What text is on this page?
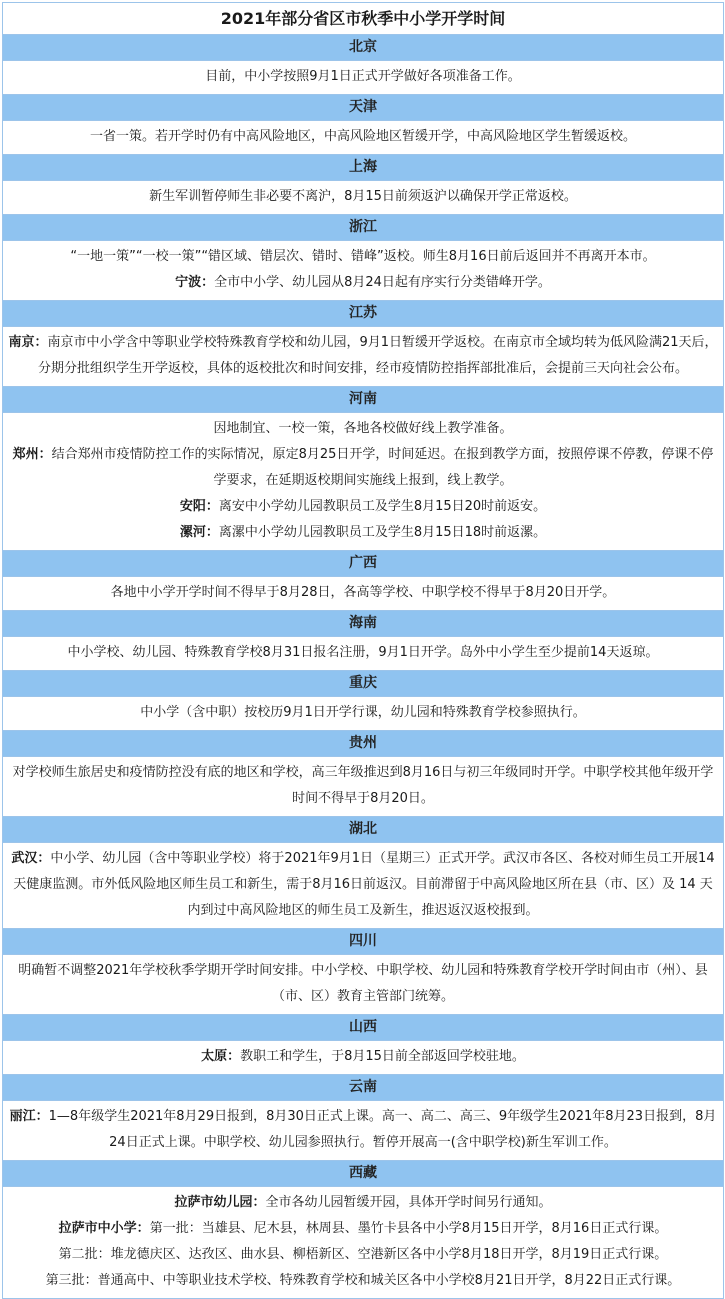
2021年部分省区市秋季中小学开学时间
北京

目前，中小学按照9月1日正式开学做好各项准备工作。

天津

一省一策。若开学时仍有中高风险地区，中高风险地区暂缓开学，中高风险地区学生暂缓返校。

上海

新生军训暂停师生非必要不离沪，8月15日前须返沪以确保开学正常返校。

浙江

“一地一策”“一校一策”“错区域、错层次、错时、错峰”返校。师生8月16日前后返回并不再离开本市。

宁波：全市中小学、幼儿园从8月24日起有序实行分类错峰开学。

江苏

南京：南京市中小学含中等职业学校特殊教育学校和幼儿园，9月1日暂缓开学返校。在南京市全域均转为低风险满21天后，分期分批组织学生开学返校，具体的返校批次和时间安排，经市疫情防控指挥部批准后，会提前三天向社会公布。

河南

因地制宜、一校一策，各地各校做好线上教学准备。

郑州：结合郑州市疫情防控工作的实际情况，原定8月25日开学，时间延迟。在报到教学方面，按照停课不停教，停课不停学要求，在延期返校期间实施线上报到，线上教学。

安阳：离安中小学幼儿园教职员工及学生8月15日20时前返安。

漯河：离漯中小学幼儿园教职员工及学生8月15日18时前返漯。

广西

各地中小学开学时间不得早于8月28日，各高等学校、中职学校不得早于8月20日开学。

海南

中小学校、幼儿园、特殊教育学校8月31日报名注册，9月1日开学。岛外中小学生至少提前14天返琼。

重庆

中小学（含中职）按校历9月1日开学行课，幼儿园和特殊教育学校参照执行。

贵州

对学校师生旅居史和疫情防控没有底的地区和学校，高三年级推迟到8月16日与初三年级同时开学。中职学校其他年级开学时间不得早于8月20日。

湖北

武汉：中小学、幼儿园（含中等职业学校）将于2021年9月1日（星期三）正式开学。武汉市各区、各校对师生员工开展14 天健康监测。市外低风险地区师生员工和新生，需于8月16日前返汉。目前滞留于中高风险地区所在县（市、区）及 14 天内到过中高风险地区的师生员工及新生，推迟返汉返校报到。

四川

明确暂不调整2021年学校秋季学期开学时间安排。中小学校、中职学校、幼儿园和特殊教育学校开学时间由市（州）、县（市、区）教育主管部门统筹。

山西

太原：教职工和学生，于8月15日前全部返回学校驻地。

云南

丽江：1—8年级学生2021年8月29日报到，8月30日正式上课。高一、高二、高三、9年级学生2021年8月23日报到，8月24日正式上课。中职学校、幼儿园参照执行。暂停开展高一(含中职学校)新生军训工作。

西藏

拉萨市幼儿园：全市各幼儿园暂缓开园，具体开学时间另行通知。

拉萨市中小学：第一批：当雄县、尼木县，林周县、墨竹卡县各中小学8月15日开学，8月16日正式行课。

第二批：堆龙德庆区、达孜区、曲水县、柳梧新区、空港新区各中小学8月18日开学，8月19日正式行课。

第三批：普通高中、中等职业技术学校、特殊教育学校和城关区各中小学校8月21日开学，8月22日正式行课。
